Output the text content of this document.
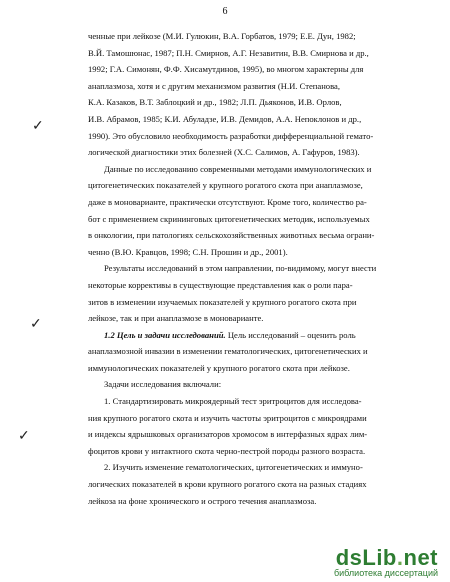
6
✓
✓
✓

ченные при лейкозе (М.И. Гулюкин, В.А. Горбатов, 1979; Е.Е. Дун, 1982;
В.Й. Тамошюнас, 1987; П.Н. Смирнов, А.Г. Незавитин, В.В. Смирнова и др.,
1992; Г.А. Симонян, Ф.Ф. Хисамутдинов, 1995), во многом характерны для
анаплазмоза, хотя и с другим механизмом развития (Н.И. Степанова,
К.А. Казаков, В.Т. Заблоцкий и др., 1982; Л.П. Дьяконов, И.В. Орлов,
И.В. Абрамов, 1985; К.И. Абуладзе, И.В. Демидов, А.А. Непоклонов и др.,
1990). Это обусловило необходимость разработки дифференциальной гемато-
логической диагностики этих болезней (Х.С. Салимов, А. Гафуров, 1983).

Данные по исследованию современными методами иммунологических и
цитогенетических показателей у крупного рогатого скота при анаплазмозе,
даже в моноварианте, практически отсутствуют. Кроме того, количество ра-
бот с применением скрининговых цитогенетических методик, используемых
в онкологии, при патологиях сельскохозяйственных животных весьма ограни-
ченно (В.Ю. Кравцов, 1998; С.Н. Прошин и др., 2001).

Результаты исследований в этом направлении, по-видимому, могут внести
некоторые коррективы в существующие представления как о роли пара-
зитов в изменении изучаемых показателей у крупного рогатого скота при
лейкозе, так и при анаплазмозе в моноварианте.

1.2 Цель и задачи исследований. Цель исследований – оценить роль
анаплазмозной инвазии в изменении гематологических, цитогенетических и
иммунологических показателей у крупного рогатого скота при лейкозе.

Задачи исследования включали:

1. Стандартизировать микроядерный тест эритроцитов для исследова-
ния крупного рогатого скота и изучить частоты эритроцитов с микроядрами
и индексы ядрышковых организаторов хромосом в интерфазных ядрах лим-
фоцитов крови у интактного скота черно-пестрой породы разного возраста.

2. Изучить изменение гематологических, цитогенетических и иммуно-
логических показателей в крови крупного рогатого скота на разных стадиях
лейкоза на фоне хронического и острого течения анаплазмоза.

dsLib.net
библиотека диссертаций
